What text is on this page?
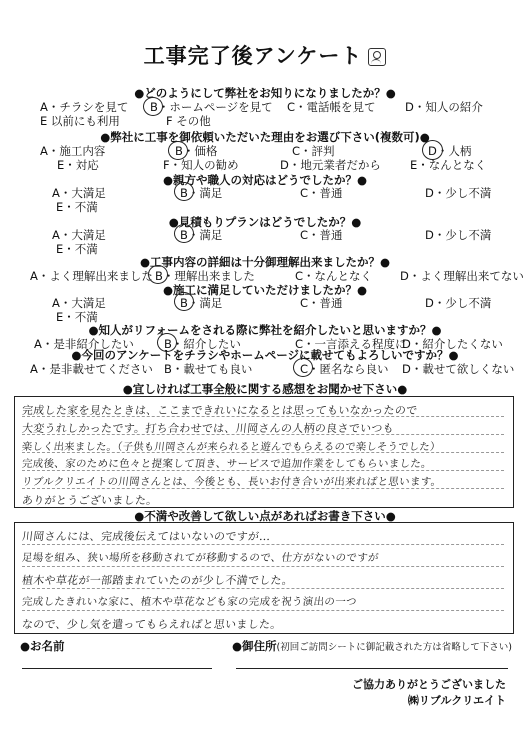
工事完了後アンケート
●どのようにして弊社をお知りになりましたか？●
A・チラシを見て B・ホームページを見て C・電話帳を見て	D・知人の紹介
E 以前にも利用	F その他
●弊社に工事を御依頼いただいた理由をお選び下さい(複数可)●
A・施工内容	B・価格	C・評判	D・人柄
E・対応	F・知人の勧め	D・地元業者だから	E・なんとなく
●親方や職人の対応はどうでしたか？●
A・大満足	B・満足	C・普通	D・少し不満
E・不満
●見積もりプランはどうでしたか？●
A・大満足	B・満足	C・普通	D・少し不満
E・不満
●工事内容の詳細は十分御理解出来ましたか？●
A・よく理解出来ました B・理解出来ました	C・なんとなく D・よく理解出来てない
●施工に満足していただけましたか？●
A・大満足	B・満足	C・普通	D・少し不満
E・不満
●知人がリフォームをされる際に弊社を紹介したいと思いますか？●
A・是非紹介したい	B・紹介したい	C・一言添える程度に
D・紹介したくない
●今回のアンケートをチラシやホームページに載せてもよろしいですか？●
A・是非載せてください B・載せても良い	C・匿名なら良い D・載せて欲しくない
●宜しければ工事全般に関する感想をお聞かせ下さい●
完成した家を見たときは、ここまできれいになるとは思ってもいなかったので
大変うれしかったです。打ち合わせでは、川岡さんの人柄の良さでいつも
楽しく出来ました。（子供も川岡さんが来られると遊んでもらえるので楽しそうでした）
完成後、家のために色々と提案して頂き、サービスで追加作業をしてもらいました。
リブルクリエイトの川岡さんとは、今後とも、長いお付き合いが出来ればと思います。
ありがとうございました。
●不満や改善して欲しい点があればお書き下さい●
川岡さんには、完成後伝えてはいないのですが…
足場を組み、狭い場所を移動されてが移動するので、仕方がないのですが
植木や草花が一部踏まれていたのが少し不満でした。
完成したきれいな家に、植木や草花なども家の完成を祝う演出の一つ
なので、少し気を遣ってもらえればと思いました。
●お名前	●御住所(初回ご訪問シートに御記載された方は省略して下さい)
ご協力ありがとうございました
㈱リブルクリエイト
